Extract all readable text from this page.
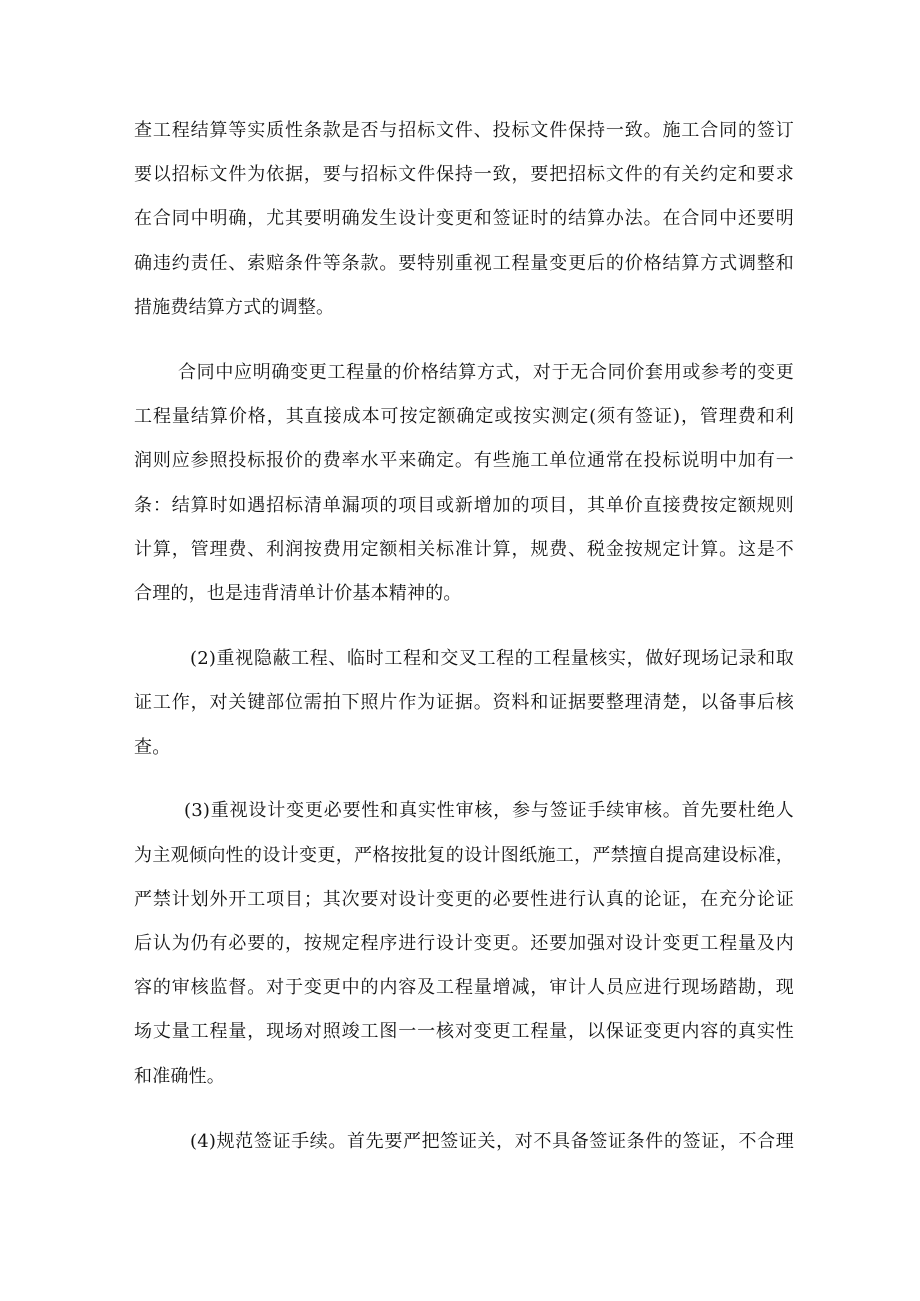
查工程结算等实质性条款是否与招标文件、投标文件保持一致。施工合同的签订
要以招标文件为依据，要与招标文件保持一致，要把招标文件的有关约定和要求
在合同中明确，尤其要明确发生设计变更和签证时的结算办法。在合同中还要明
确违约责任、索赔条件等条款。要特别重视工程量变更后的价格结算方式调整和
措施费结算方式的调整。
合同中应明确变更工程量的价格结算方式，对于无合同价套用或参考的变更
工程量结算价格，其直接成本可按定额确定或按实测定(须有签证)，管理费和利
润则应参照投标报价的费率水平来确定。有些施工单位通常在投标说明中加有一
条：结算时如遇招标清单漏项的项目或新增加的项目，其单价直接费按定额规则
计算，管理费、利润按费用定额相关标准计算，规费、税金按规定计算。这是不
合理的，也是违背清单计价基本精神的。
(2)重视隐蔽工程、临时工程和交叉工程的工程量核实，做好现场记录和取
证工作，对关键部位需拍下照片作为证据。资料和证据要整理清楚，以备事后核
查。
(3)重视设计变更必要性和真实性审核，参与签证手续审核。首先要杜绝人
为主观倾向性的设计变更，严格按批复的设计图纸施工，严禁擅自提高建设标准，
严禁计划外开工项目；其次要对设计变更的必要性进行认真的论证，在充分论证
后认为仍有必要的，按规定程序进行设计变更。还要加强对设计变更工程量及内
容的审核监督。对于变更中的内容及工程量增减，审计人员应进行现场踏勘，现
场丈量工程量，现场对照竣工图一一核对变更工程量，以保证变更内容的真实性
和准确性。
(4)规范签证手续。首先要严把签证关，对不具备签证条件的签证，不合理
